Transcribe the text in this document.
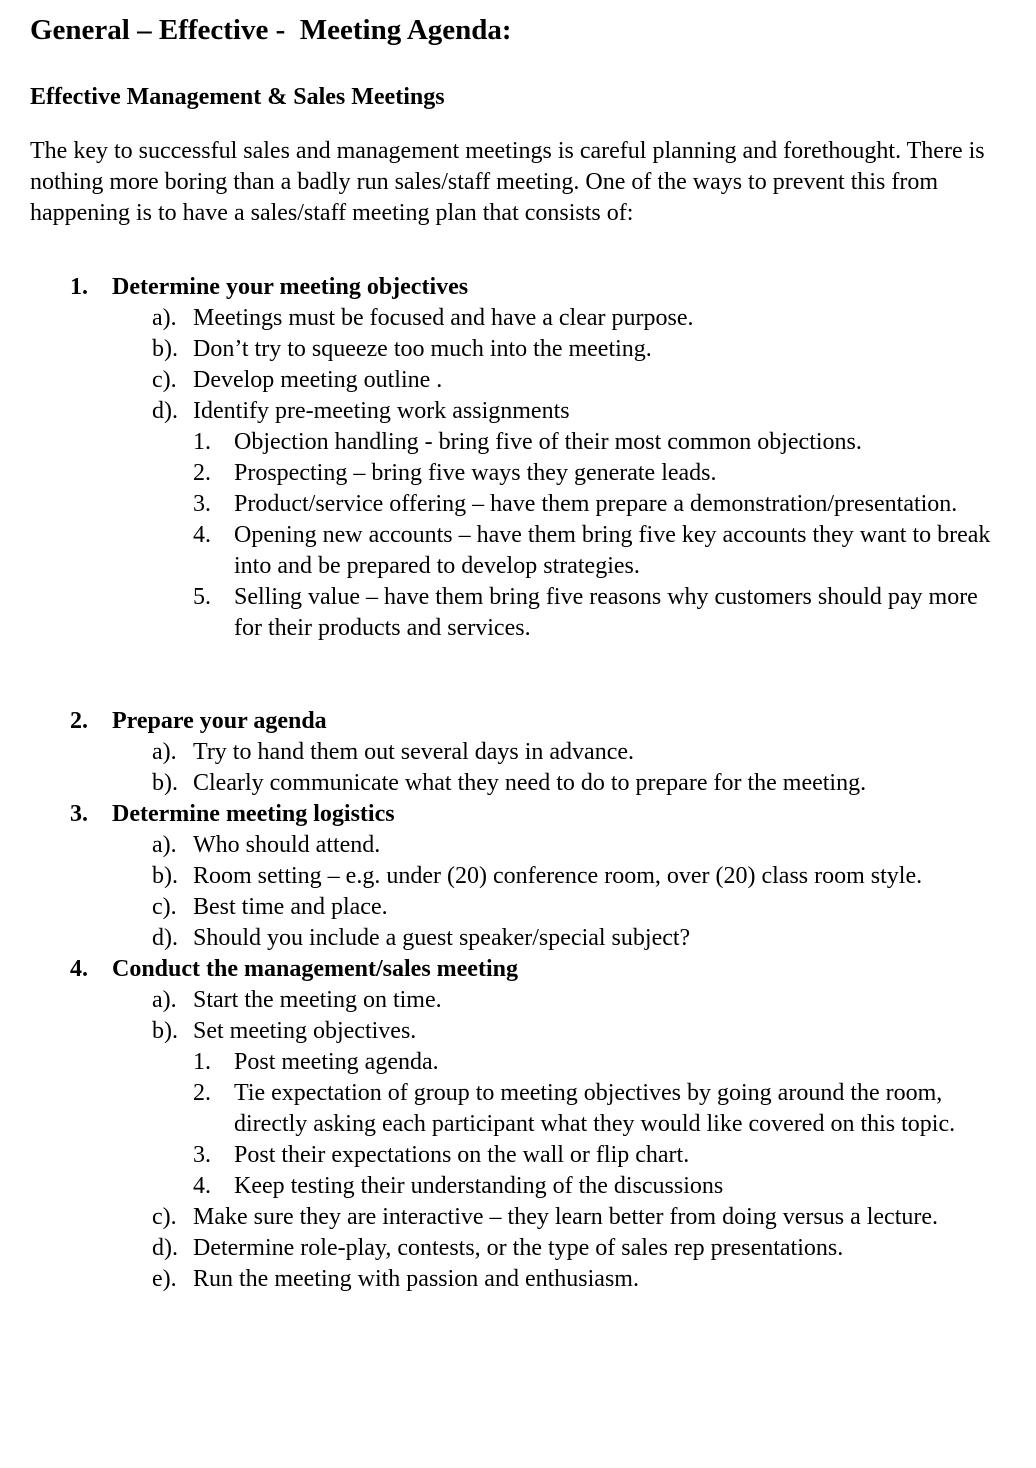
General – Effective -  Meeting Agenda:
Effective Management & Sales Meetings
The key to successful sales and management meetings is careful planning and forethought. There is nothing more boring than a badly run sales/staff meeting. One of the ways to prevent this from happening is to have a sales/staff meeting plan that consists of:
1. Determine your meeting objectives
a). Meetings must be focused and have a clear purpose.
b). Don’t try to squeeze too much into the meeting.
c). Develop meeting outline .
d). Identify pre-meeting work assignments
1. Objection handling - bring five of their most common objections.
2. Prospecting – bring five ways they generate leads.
3. Product/service offering – have them prepare a demonstration/presentation.
4. Opening new accounts – have them bring five key accounts they want to break into and be prepared to develop strategies.
5. Selling value – have them bring five reasons why customers should pay more for their products and services.
2. Prepare your agenda
a). Try to hand them out several days in advance.
b). Clearly communicate what they need to do to prepare for the meeting.
3. Determine meeting logistics
a). Who should attend.
b). Room setting – e.g. under (20) conference room, over (20) class room style.
c). Best time and place.
d). Should you include a guest speaker/special subject?
4. Conduct the management/sales meeting
a). Start the meeting on time.
b). Set meeting objectives.
1. Post meeting agenda.
2. Tie expectation of group to meeting objectives by going around the room, directly asking each participant what they would like covered on this topic.
3. Post their expectations on the wall or flip chart.
4. Keep testing their understanding of the discussions
c). Make sure they are interactive – they learn better from doing versus a lecture.
d). Determine role-play, contests, or the type of sales rep presentations.
e). Run the meeting with passion and enthusiasm.
